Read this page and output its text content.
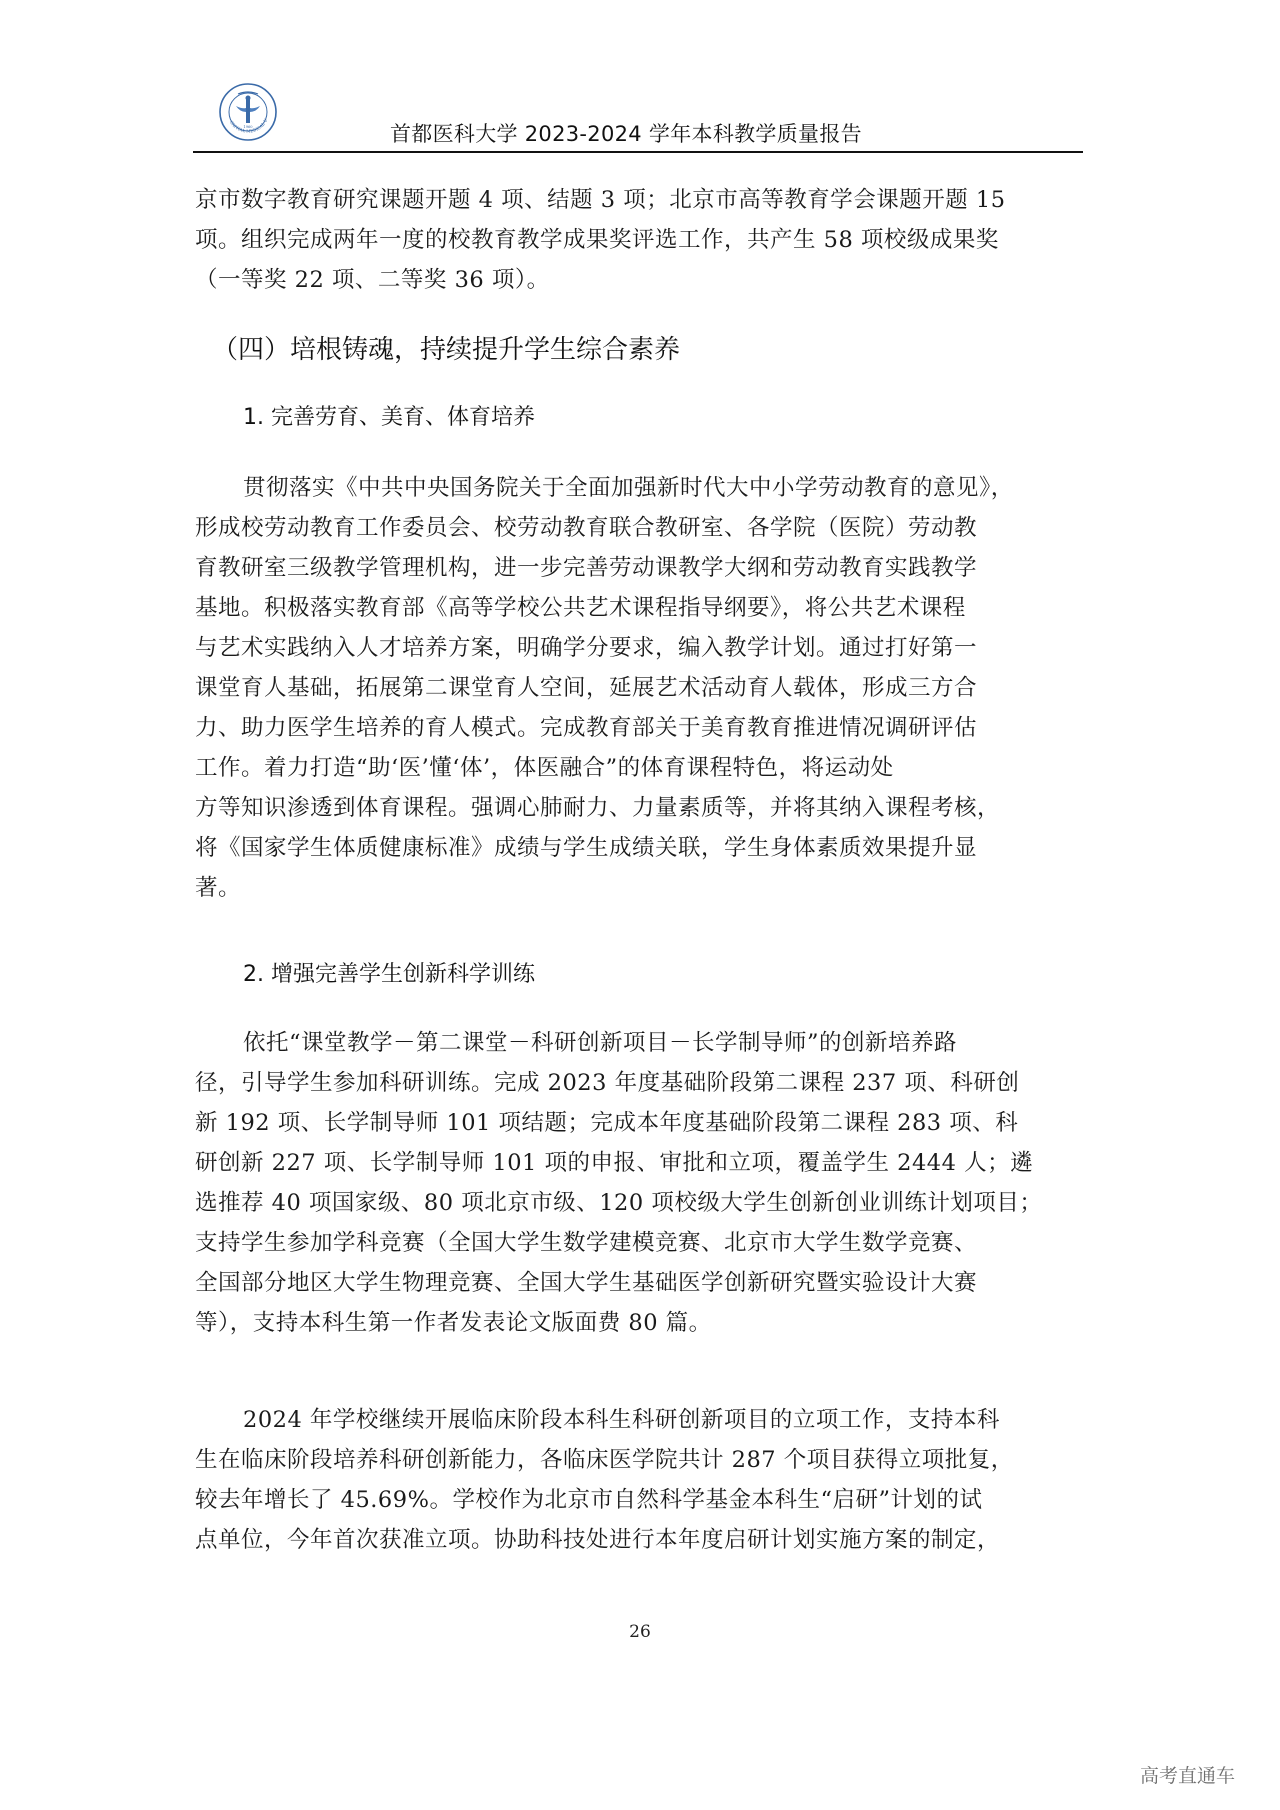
CAPITAL MEDICAL U
1960	首都医科大学 2023-2024 学年本科教学质量报告
京市数字教育研究课题开题 4 项、结题 3 项；北京市高等教育学会课题开题 15
项。组织完成两年一度的校教育教学成果奖评选工作，共产生 58 项校级成果奖
（一等奖 22 项、二等奖 36 项）。
（四）培根铸魂，持续提升学生综合素养
1. 完善劳育、美育、体育培养
贯彻落实《中共中央国务院关于全面加强新时代大中小学劳动教育的意见》，
形成校劳动教育工作委员会、校劳动教育联合教研室、各学院（医院）劳动教
育教研室三级教学管理机构，进一步完善劳动课教学大纲和劳动教育实践教学
基地。积极落实教育部《高等学校公共艺术课程指导纲要》，将公共艺术课程
与艺术实践纳入人才培养方案，明确学分要求，编入教学计划。通过打好第一
课堂育人基础，拓展第二课堂育人空间，延展艺术活动育人载体，形成三方合
力、助力医学生培养的育人模式。完成教育部关于美育教育推进情况调研评估
工作。着力打造“助‘医’懂‘体’，体医融合”的体育课程特色，将运动处
方等知识渗透到体育课程。强调心肺耐力、力量素质等，并将其纳入课程考核，
将《国家学生体质健康标准》成绩与学生成绩关联，学生身体素质效果提升显
著。
2. 增强完善学生创新科学训练
依托“课堂教学－第二课堂－科研创新项目－长学制导师”的创新培养路
径，引导学生参加科研训练。完成 2023 年度基础阶段第二课程 237 项、科研创
新 192 项、长学制导师 101 项结题；完成本年度基础阶段第二课程 283 项、科
研创新 227 项、长学制导师 101 项的申报、审批和立项，覆盖学生 2444 人；遴
选推荐 40 项国家级、80 项北京市级、120 项校级大学生创新创业训练计划项目；
支持学生参加学科竞赛（全国大学生数学建模竞赛、北京市大学生数学竞赛、
全国部分地区大学生物理竞赛、全国大学生基础医学创新研究暨实验设计大赛
等），支持本科生第一作者发表论文版面费 80 篇。
2024 年学校继续开展临床阶段本科生科研创新项目的立项工作，支持本科
生在临床阶段培养科研创新能力，各临床医学院共计 287 个项目获得立项批复，
较去年增长了 45.69%。学校作为北京市自然科学基金本科生“启研”计划的试
点单位，今年首次获准立项。协助科技处进行本年度启研计划实施方案的制定，
26
高考直通车
